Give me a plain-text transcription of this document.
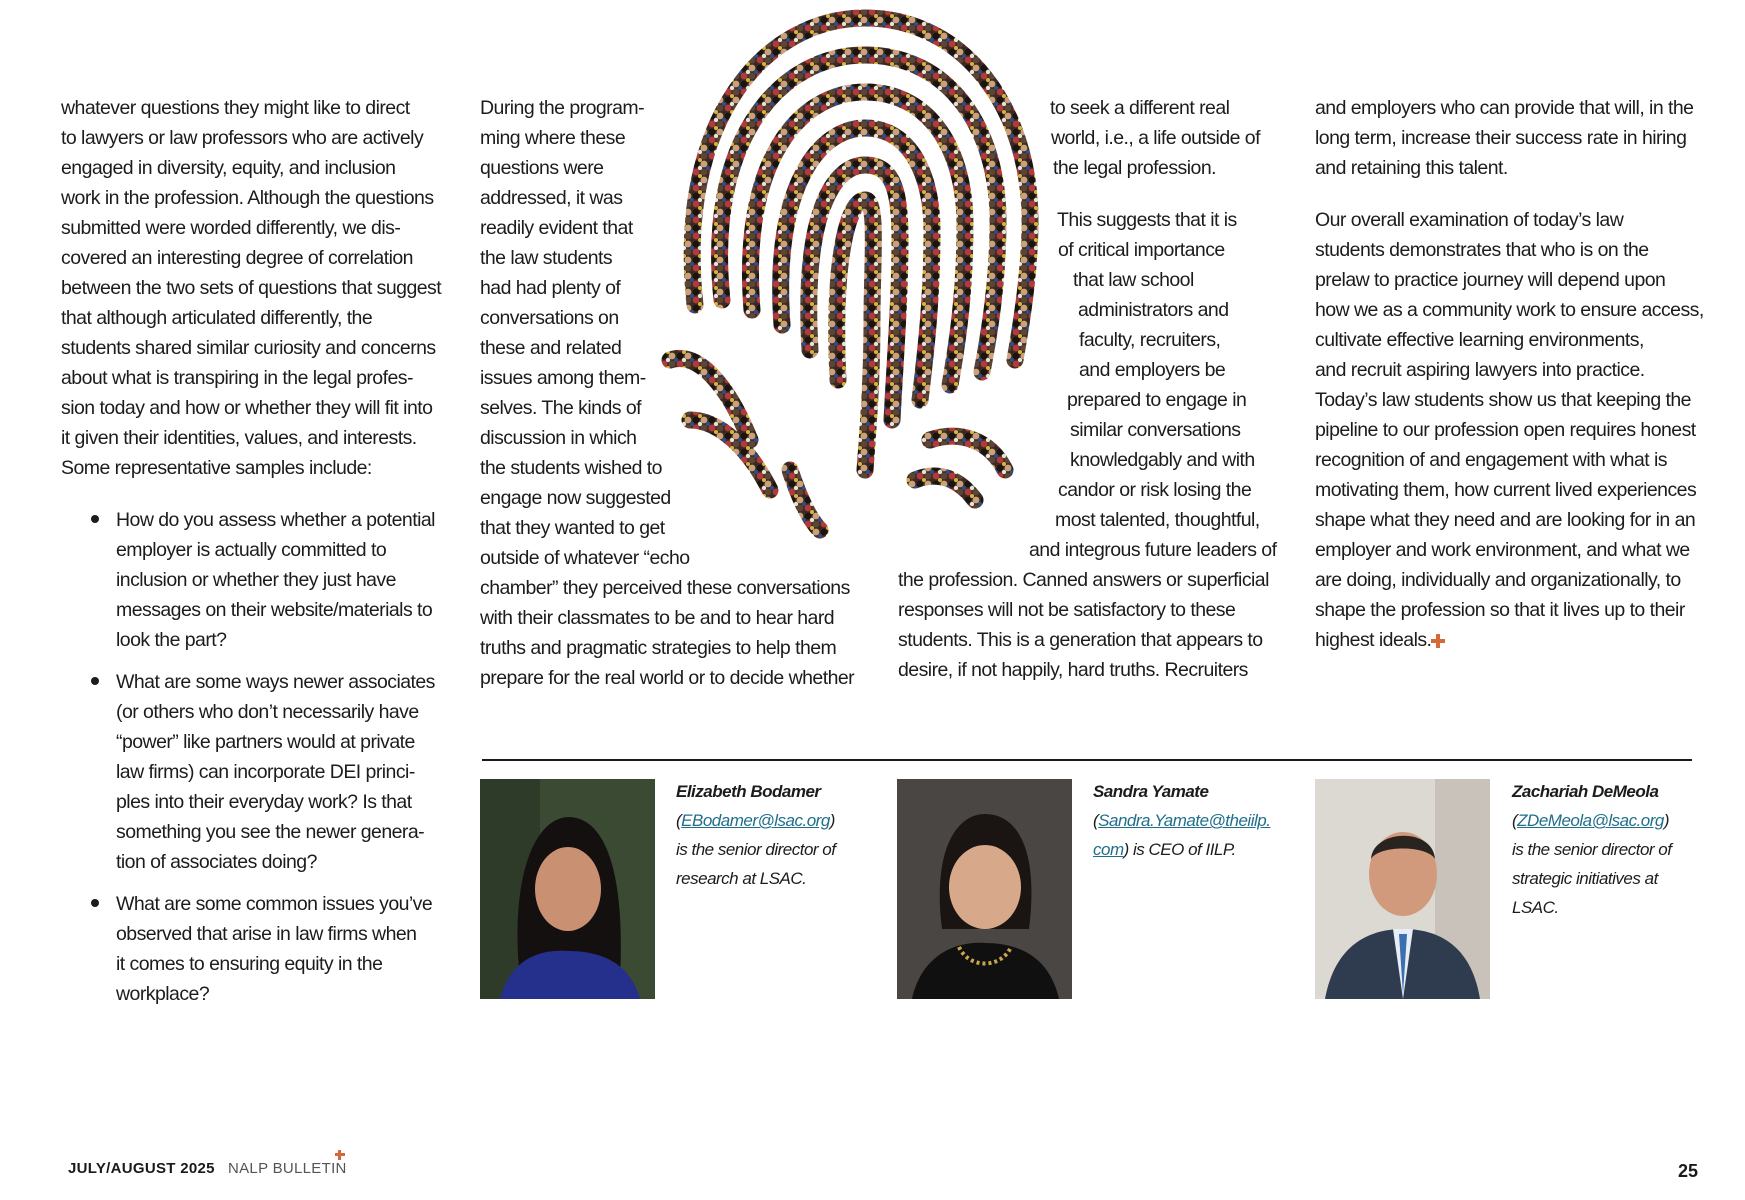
whatever questions they might like to direct
to lawyers or law professors who are actively
engaged in diversity, equity, and inclusion
work in the profession. Although the questions
submitted were worded differently, we dis-
covered an interesting degree of correlation
between the two sets of questions that suggest
that although articulated differently, the
students shared similar curiosity and concerns
about what is transpiring in the legal profes-
sion today and how or whether they will fit into
it given their identities, values, and interests.
Some representative samples include:
How do you assess whether a potential
employer is actually committed to
inclusion or whether they just have
messages on their website/materials to
look the part?
What are some ways newer associates
(or others who don’t necessarily have
“power” like partners would at private
law firms) can incorporate DEI princi-
ples into their everyday work? Is that
something you see the newer genera-
tion of associates doing?
What are some common issues you’ve
observed that arise in law firms when
it comes to ensuring equity in the
workplace?
During the program-
ming where these
questions were
addressed, it was
readily evident that
the law students
had had plenty of
conversations on
these and related
issues among them-
selves. The kinds of
discussion in which
the students wished to
engage now suggested
that they wanted to get
outside of whatever “echo
chamber” they perceived these conversations
with their classmates to be and to hear hard
truths and pragmatic strategies to help them
prepare for the real world or to decide whether
to seek a different real
world, i.e., a life outside of
the legal profession.
This suggests that it is
of critical importance
that law school
administrators and
faculty, recruiters,
and employers be
prepared to engage in
similar conversations
knowledgably and with
candor or risk losing the
most talented, thoughtful,
and integrous future leaders of
the profession. Canned answers or superficial
responses will not be satisfactory to these
students. This is a generation that appears to
desire, if not happily, hard truths. Recruiters
and employers who can provide that will, in the
long term, increase their success rate in hiring
and retaining this talent.
Our overall examination of today’s law
students demonstrates that who is on the
prelaw to practice journey will depend upon
how we as a community work to ensure access,
cultivate effective learning environments,
and recruit aspiring lawyers into practice.
Today’s law students show us that keeping the
pipeline to our profession open requires honest
recognition of and engagement with what is
motivating them, how current lived experiences
shape what they need and are looking for in an
employer and work environment, and what we
are doing, individually and organizationally, to
shape the profession so that it lives up to their
highest ideals.
Elizabeth Bodamer
(EBodamer@lsac.org)
is the senior director of
research at LSAC.
Sandra Yamate
(Sandra.Yamate@theiilp.
com) is CEO of IILP.
Zachariah DeMeola
(ZDeMeola@lsac.org)
is the senior director of
strategic initiatives at
LSAC.
JULY/AUGUST 2025 NALP BULLETIN	25
